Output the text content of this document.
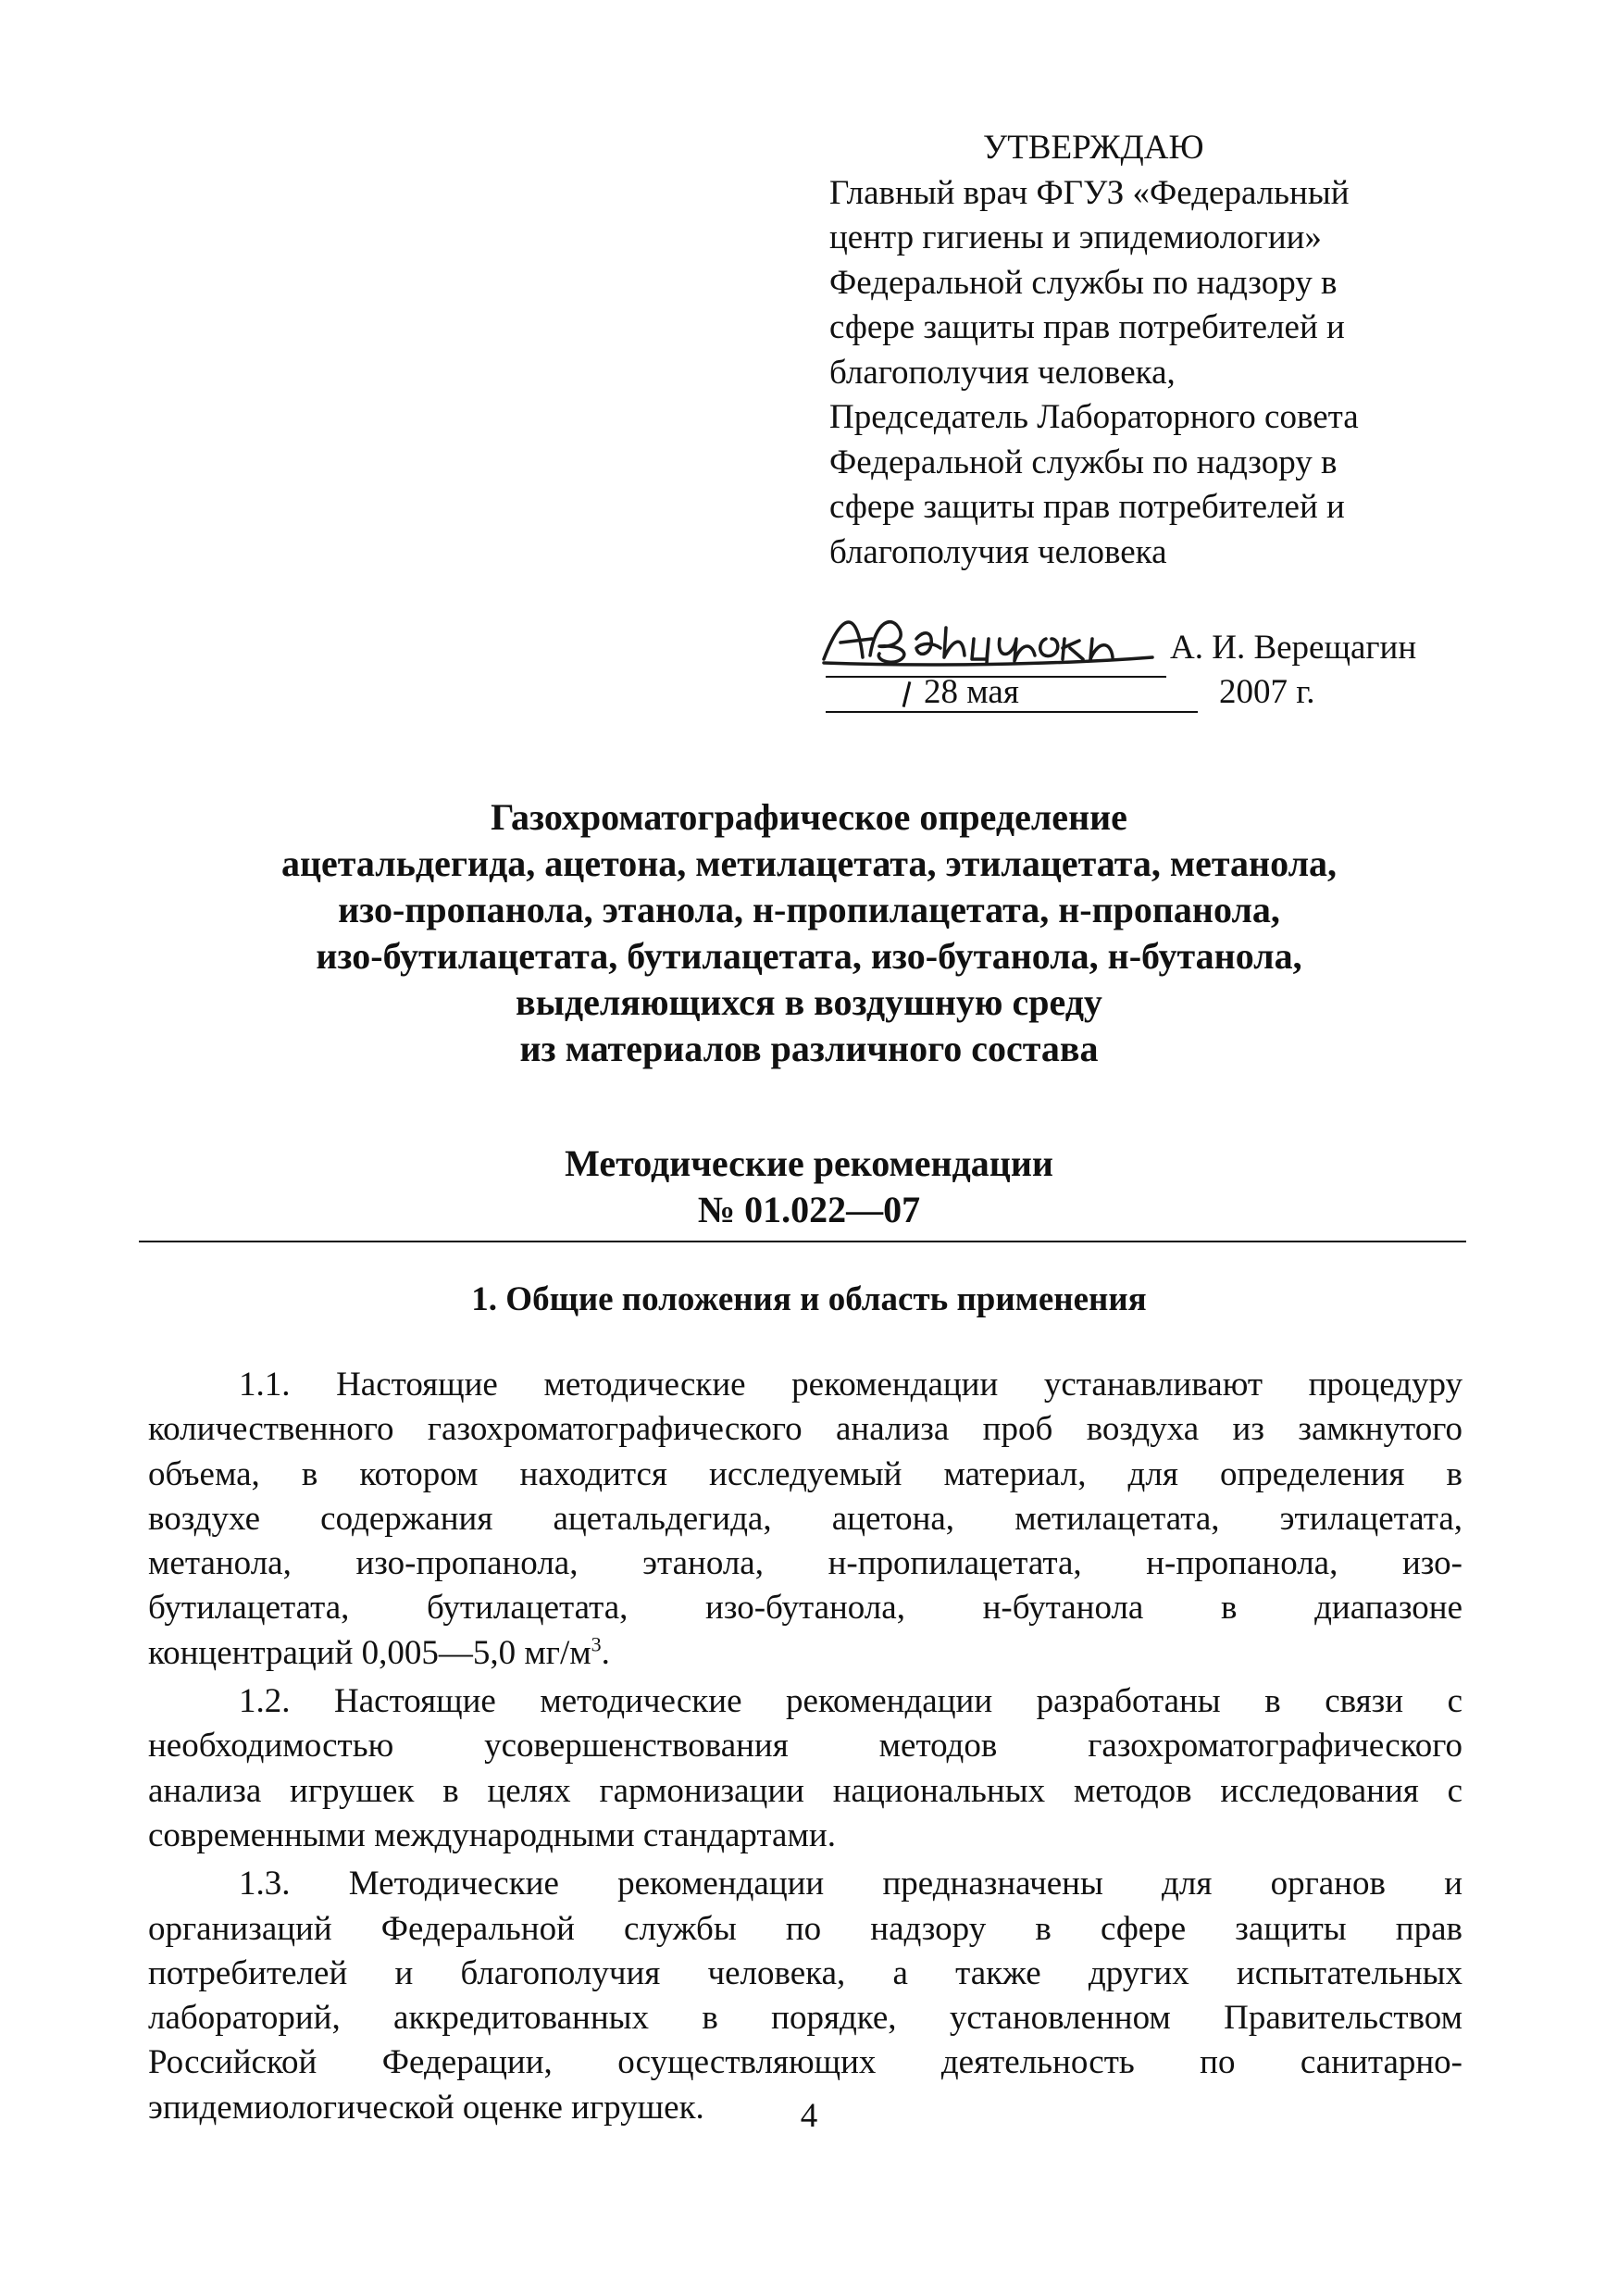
УТВЕРЖДАЮ
Главный врач ФГУЗ «Федеральный
центр гигиены и эпидемиологии»
Федеральной службы по надзору в
сфере защиты прав потребителей и
благополучия человека,
Председатель Лабораторного совета
Федеральной службы по надзору в
сфере защиты прав потребителей и
благополучия человека
А. И. Верещагин
28 мая	2007 г.
Газохроматографическое определение
ацетальдегида, ацетона, метилацетата, этилацетата, метанола,
изо-пропанола, этанола, н-пропилацетата, н-пропанола,
изо-бутилацетата, бутилацетата, изо-бутанола, н-бутанола,
выделяющихся в воздушную среду
из материалов различного состава
Методические рекомендации
№ 01.022—07
1. Общие положения и область применения
1.1. Настоящие методические рекомендации устанавливают процедуру
количественного газохроматографического анализа проб воздуха из замкнутого
объема, в котором находится исследуемый материал, для определения в
воздухе содержания ацетальдегида, ацетона, метилацетата, этилацетата,
метанола, изо-пропанола, этанола, н-пропилацетата, н-пропанола, изо-
бутилацетата, бутилацетата, изо-бутанола, н-бутанола в диапазоне
концентраций 0,005—5,0 $мг/м^3$.
1.2. Настоящие методические рекомендации разработаны в связи с
необходимостью усовершенствования методов газохроматографического
анализа игрушек в целях гармонизации национальных методов исследования с
современными международными стандартами.
1.3. Методические рекомендации предназначены для органов и
организаций Федеральной службы по надзору в сфере защиты прав
потребителей и благополучия человека, а также других испытательных
лабораторий, аккредитованных в порядке, установленном Правительством
Российской Федерации, осуществляющих деятельность по санитарно-
эпидемиологической оценке игрушек.	4
